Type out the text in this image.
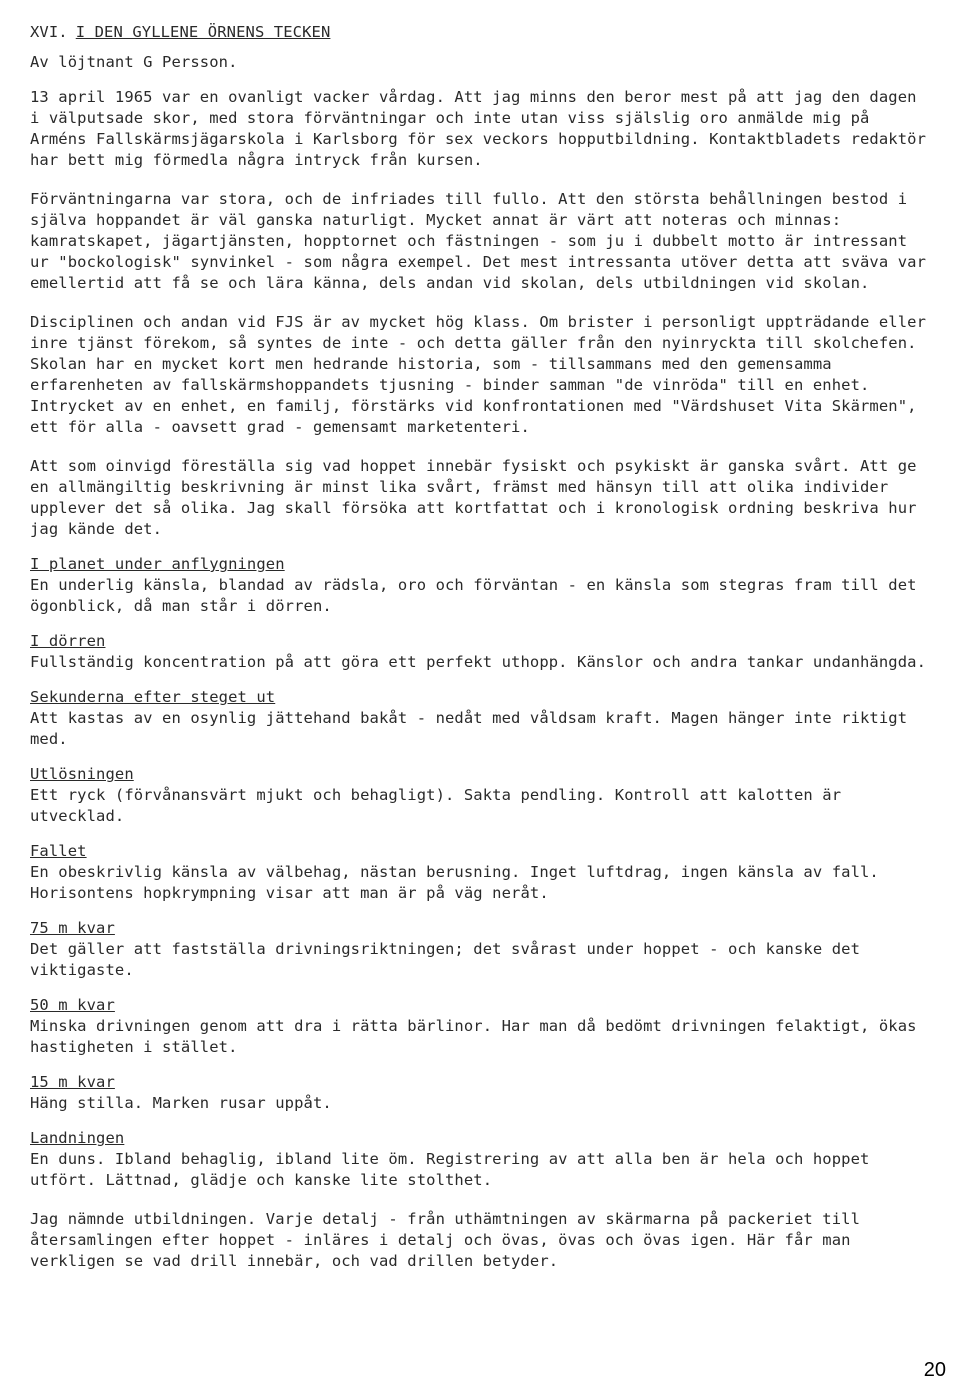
XVI. I DEN GYLLENE ÖRNENS TECKEN
Av löjtnant G Persson.

13 april 1965 var en ovanligt vacker vårdag. Att jag minns den beror mest på att jag den dagen i välputsade skor, med stora förväntningar och inte utan viss själslig oro anmälde mig på Arméns Fallskärmsjägarskola i Karlsborg för sex veckors hopputbildning. Kontaktbladets redaktör har bett mig förmedla några intryck från kursen.

Förväntningarna var stora, och de infriades till fullo. Att den största behållningen bestod i själva hoppandet är väl ganska naturligt. Mycket annat är värt att noteras och minnas: kamratskapet, jägartjänsten, hopptornet och fästningen - som ju i dubbelt motto är intressant ur "bockologisk" synvinkel - som några exempel. Det mest intressanta utöver detta att sväva var emellertid att få se och lära känna, dels andan vid skolan, dels utbildningen vid skolan.

Disciplinen och andan vid FJS är av mycket hög klass. Om brister i personligt uppträdande eller inre tjänst förekom, så syntes de inte - och detta gäller från den nyinryckta till skolchefen. Skolan har en mycket kort men hedrande historia, som - tillsammans med den gemensamma erfarenheten av fallskärmshoppandets tjusning - binder samman "de vinröda" till en enhet. Intrycket av en enhet, en familj, förstärks vid konfrontationen med "Värdshuset Vita Skärmen", ett för alla - oavsett grad - gemensamt marketenteri.

Att som oinvigd föreställa sig vad hoppet innebär fysiskt och psykiskt är ganska svårt. Att ge en allmängiltig beskrivning är minst lika svårt, främst med hänsyn till att olika individer upplever det så olika. Jag skall försöka att kortfattat och i kronologisk ordning beskriva hur jag kände det.

I planet under anflygningen

En underlig känsla, blandad av rädsla, oro och förväntan - en känsla som stegras fram till det ögonblick, då man står i dörren.

I dörren

Fullständig koncentration på att göra ett perfekt uthopp. Känslor och andra tankar undanhängda.

Sekunderna efter steget ut

Att kastas av en osynlig jättehand bakåt - nedåt med våldsam kraft. Magen hänger inte riktigt med.

Utlösningen

Ett ryck (förvånansvärt mjukt och behagligt). Sakta pendling. Kontroll att kalotten är utvecklad.

Fallet

En obeskrivlig känsla av välbehag, nästan berusning. Inget luftdrag, ingen känsla av fall. Horisontens hopkrympning visar att man är på väg neråt.

75 m kvar

Det gäller att fastställa drivningsriktningen; det svårast under hoppet - och kanske det viktigaste.

50 m kvar

Minska drivningen genom att dra i rätta bärlinor. Har man då bedömt drivningen felaktigt, ökas hastigheten i stället.

15 m kvar

Häng stilla. Marken rusar uppåt.

Landningen

En duns. Ibland behaglig, ibland lite öm. Registrering av att alla ben är hela och hoppet utfört. Lättnad, glädje och kanske lite stolthet.

Jag nämnde utbildningen. Varje detalj - från uthämtningen av skärmarna på packeriet till återsamlingen efter hoppet - inläres i detalj och övas, övas och övas igen. Här får man verkligen se vad drill innebär, och vad drillen betyder.

20
